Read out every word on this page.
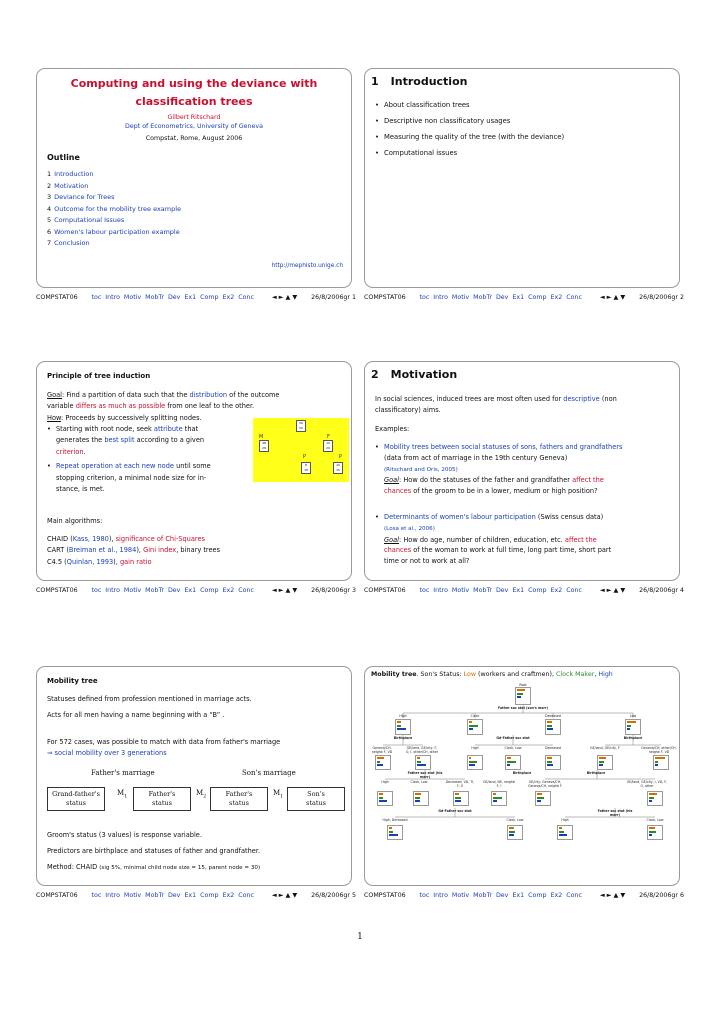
Computing and using the deviance with
classification trees
Gilbert Ritschard
Dept of Econometrics, University of Geneva
Compstat, Rome, August 2006
Outline
1 Introduction
2 Motivation
3 Deviance for Trees
4 Outcome for the mobility tree example
5 Computational Issues
6 Women's labour participation example
7 Conclusion
http://mephisto.unige.ch
1 Introduction
• About classification trees
• Descriptive non classificatory usages
• Measuring the quality of the tree (with the deviance)
• Computational issues
Principle of tree induction
Goal: Find a partition of data such that the distribution of the outcome
variable differs as much as possible from one leaf to the other.
How: Proceeds by successively splitting nodes.
• Starting with root node, seek attribute that
generates the best split according to a given
criterion.
• Repeat operation at each new node until some
stopping criterion, a minimal node size for in-
stance, is met.
50
50
M	F
48
28
10
20
P	P
8
18
10
15
Main algorithms:
CHAID (Kass, 1980), significance of Chi-Squares
CART (Breiman et al., 1984), Gini index, binary trees
C4.5 (Quinlan, 1993), gain ratio
2 Motivation
In social sciences, induced trees are most often used for descriptive (non
classificatory) aims.
Examples:
• Mobility trees between social statuses of sons, fathers and grandfathers
(data from act of marriage in the 19th century Geneva)
(Ritschard and Oris, 2005)
Goal: How do the statuses of the father and grandfather affect the
chances of the groom to be in a lower, medium or high position?
• Determinants of women's labour participation (Swiss census data)
(Losa et al., 2006)
Goal: How do age, number of children, education, etc. affect the
chances of the woman to work at full time, long part time, short part
time or not to work at all?
Mobility tree
Statuses defined from profession mentioned in marriage acts.
Acts for all men having a name beginning with a “B” .
For 572 cases, was possible to match with data from father's marriage
⇒ social mobility over 3 generations
Father's marriage	Son's marriage
Grand-father's
status
$M_1$	Father's
status
$M_2$	Father's
status
$M_1$	Son's
status
Groom's status (3 values) is response variable.
Predictors are birthplace and statuses of father and grandfather.
Method: CHAID (sig 5%, minimal child node size = 15, parent node = 30)
Mobility tree. Son's Status: Low (workers and craftmen), Clock Maker, High
Root

Father soc stat (son's marr)
High	Clock	Deceased	Low

Birthplace	Gd-Father soc stat	Birthplace
Geneva/CH, neighb F, VD
GE/land, GE/city, F, O, I, other/CH, other
High	Clock, Low	Deceased	GE/land, GE/city, F	Geneva/CH, other/CH, neighb F, VD

Father soc stat (his marr)
Birthplace	Birthplace
High	Clock, Low	Deceased, VD, TI, F, O
GE/land, NE, neighb F, I
GE/city, Geneva/CH, Geneva/CH, neighb F
GE/land, GE/city, I, VD, F, O, other

Gd-Father soc stat	Father soc stat (his marr)
High, Deceased	Clock, Low	High	Clock, Low

COMPSTAT06 toc Intro Motiv MobTr Dev Ex1 Comp Ex2 Conc	◄ ► ▲ ▼ 26/8/2006gr 1 COMPSTAT06 toc Intro Motiv MobTr Dev Ex1 Comp Ex2 Conc	◄ ► ▲ ▼ 26/8/2006gr 2
COMPSTAT06 toc Intro Motiv MobTr Dev Ex1 Comp Ex2 Conc	◄ ► ▲ ▼ 26/8/2006gr 3 COMPSTAT06 toc Intro Motiv MobTr Dev Ex1 Comp Ex2 Conc	◄ ► ▲ ▼ 26/8/2006gr 4
COMPSTAT06 toc Intro Motiv MobTr Dev Ex1 Comp Ex2 Conc	◄ ► ▲ ▼ 26/8/2006gr 5 COMPSTAT06 toc Intro Motiv MobTr Dev Ex1 Comp Ex2 Conc	◄ ► ▲ ▼ 26/8/2006gr 6
1
